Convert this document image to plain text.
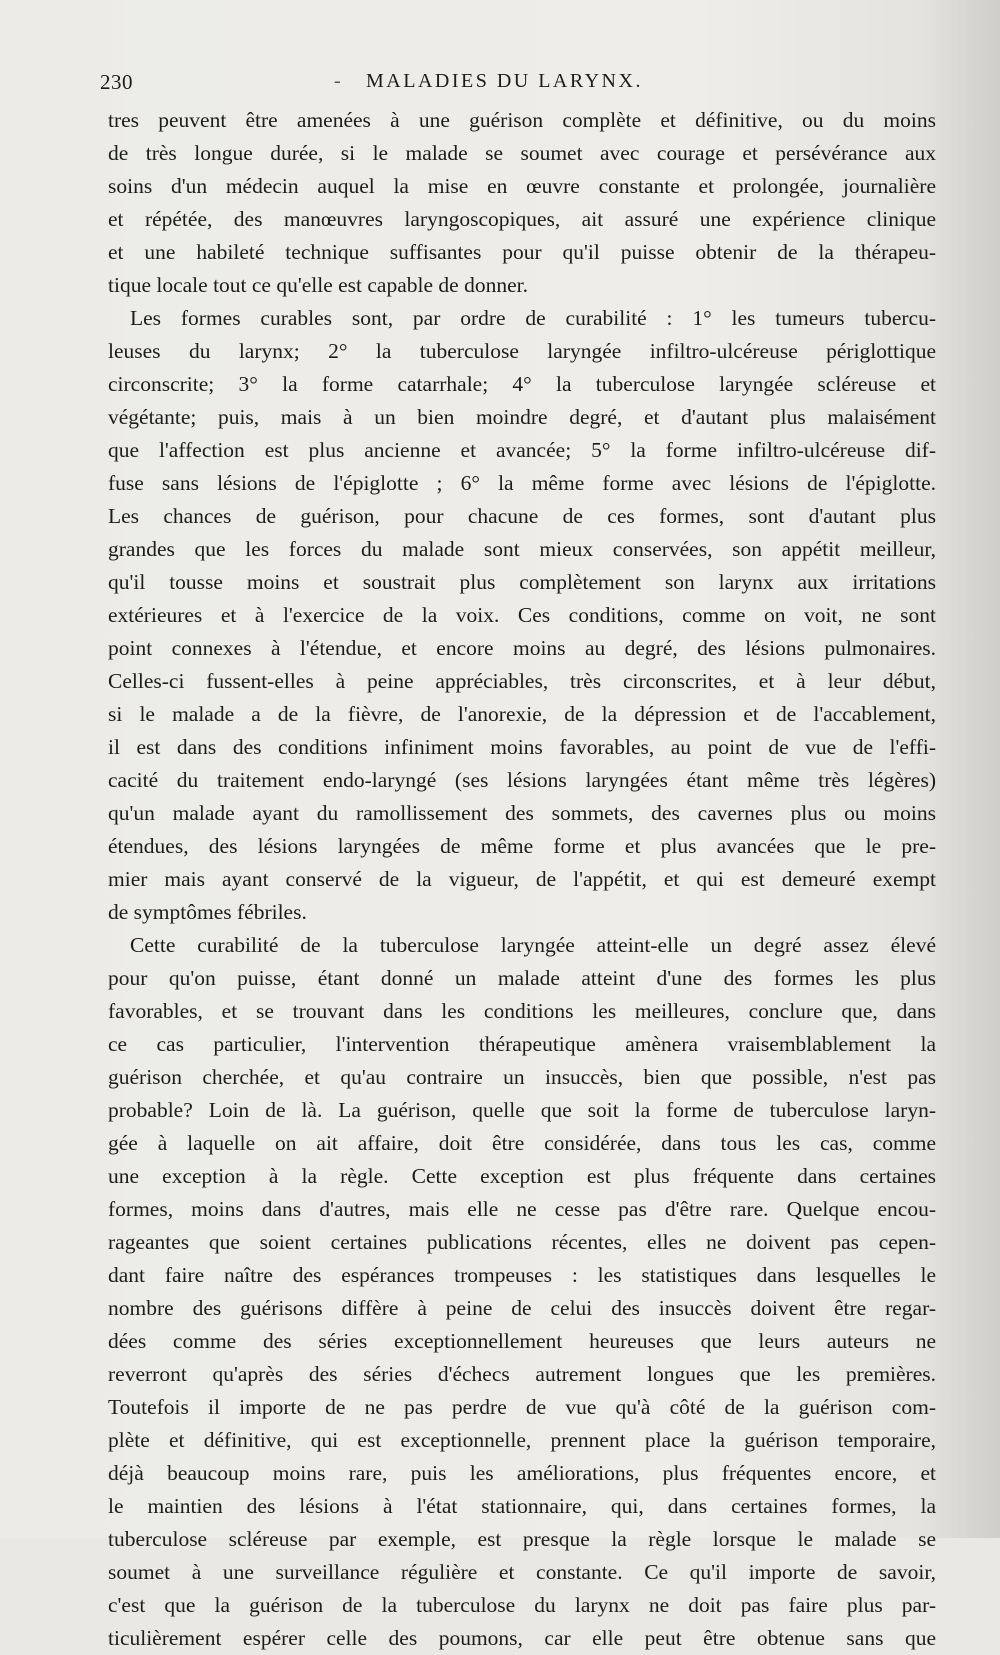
230	- MALADIES DU LARYNX.
tres peuvent être amenées à une guérison complète et définitive, ou du moins
de très longue durée, si le malade se soumet avec courage et persévérance aux
soins d'un médecin auquel la mise en œuvre constante et prolongée, journalière
et répétée, des manœuvres laryngoscopiques, ait assuré une expérience clinique
et une habileté technique suffisantes pour qu'il puisse obtenir de la thérapeu-
tique locale tout ce qu'elle est capable de donner.
Les formes curables sont, par ordre de curabilité : 1° les tumeurs tubercu-
leuses du larynx; 2° la tuberculose laryngée infiltro-ulcéreuse périglottique
circonscrite; 3° la forme catarrhale; 4° la tuberculose laryngée scléreuse et
végétante; puis, mais à un bien moindre degré, et d'autant plus malaisément
que l'affection est plus ancienne et avancée; 5° la forme infiltro-ulcéreuse dif-
fuse sans lésions de l'épiglotte ; 6° la même forme avec lésions de l'épiglotte.
Les chances de guérison, pour chacune de ces formes, sont d'autant plus
grandes que les forces du malade sont mieux conservées, son appétit meilleur,
qu'il tousse moins et soustrait plus complètement son larynx aux irritations
extérieures et à l'exercice de la voix. Ces conditions, comme on voit, ne sont
point connexes à l'étendue, et encore moins au degré, des lésions pulmonaires.
Celles-ci fussent-elles à peine appréciables, très circonscrites, et à leur début,
si le malade a de la fièvre, de l'anorexie, de la dépression et de l'accablement,
il est dans des conditions infiniment moins favorables, au point de vue de l'effi-
cacité du traitement endo-laryngé (ses lésions laryngées étant même très légères)
qu'un malade ayant du ramollissement des sommets, des cavernes plus ou moins
étendues, des lésions laryngées de même forme et plus avancées que le pre-
mier mais ayant conservé de la vigueur, de l'appétit, et qui est demeuré exempt
de symptômes fébriles.
Cette curabilité de la tuberculose laryngée atteint-elle un degré assez élevé
pour qu'on puisse, étant donné un malade atteint d'une des formes les plus
favorables, et se trouvant dans les conditions les meilleures, conclure que, dans
ce cas particulier, l'intervention thérapeutique amènera vraisemblablement la
guérison cherchée, et qu'au contraire un insuccès, bien que possible, n'est pas
probable? Loin de là. La guérison, quelle que soit la forme de tuberculose laryn-
gée à laquelle on ait affaire, doit être considérée, dans tous les cas, comme
une exception à la règle. Cette exception est plus fréquente dans certaines
formes, moins dans d'autres, mais elle ne cesse pas d'être rare. Quelque encou-
rageantes que soient certaines publications récentes, elles ne doivent pas cepen-
dant faire naître des espérances trompeuses : les statistiques dans lesquelles le
nombre des guérisons diffère à peine de celui des insuccès doivent être regar-
dées comme des séries exceptionnellement heureuses que leurs auteurs ne
reverront qu'après des séries d'échecs autrement longues que les premières.
Toutefois il importe de ne pas perdre de vue qu'à côté de la guérison com-
plète et définitive, qui est exceptionnelle, prennent place la guérison temporaire,
déjà beaucoup moins rare, puis les améliorations, plus fréquentes encore, et
le maintien des lésions à l'état stationnaire, qui, dans certaines formes, la
tuberculose scléreuse par exemple, est presque la règle lorsque le malade se
soumet à une surveillance régulière et constante. Ce qu'il importe de savoir,
c'est que la guérison de la tuberculose du larynx ne doit pas faire plus par-
ticulièrement espérer celle des poumons, car elle peut être obtenue sans que
